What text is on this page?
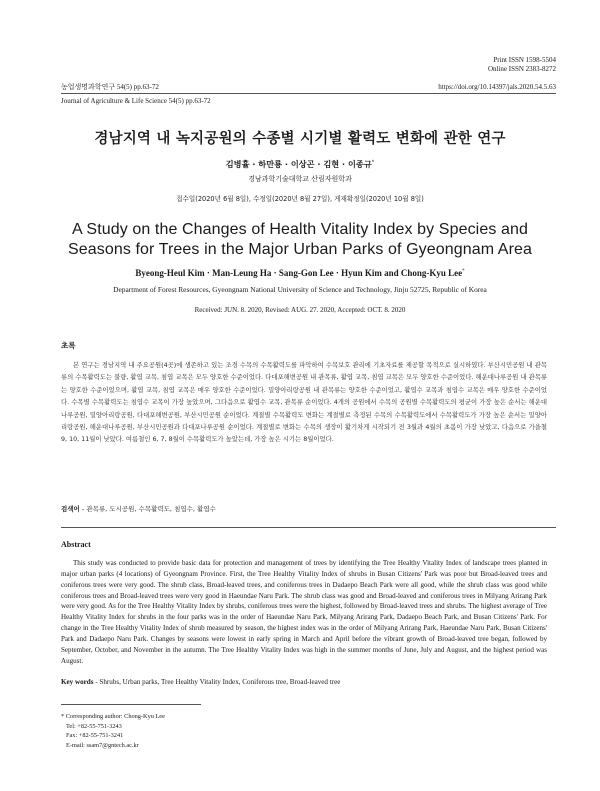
Print ISSN 1598-5504
Online ISSN 2383-8272
농업생명과학연구 54(5) pp.63-72	https://doi.org/10.14397/jals.2020.54.5.63
Journal of Agriculture & Life Science 54(5) pp.63-72
경남지역 내 녹지공원의 수종별 시기별 활력도 변화에 관한 연구
김병휼 · 하만룡 · 이상곤 · 김현 · 이종규*
경남과학기술대학교 산림자원학과
접수일(2020년 6월 8일), 수정일(2020년 8월 27일), 게재확정일(2020년 10월 8일)
A Study on the Changes of Health Vitality Index by Species and
Seasons for Trees in the Major Urban Parks of Gyeongnam Area
Byeong-Heul Kim · Man-Leung Ha · Sang-Gon Lee · Hyun Kim and Chong-Kyu Lee*
Department of Forest Resources, Gyeongnam National University of Science and Technology, Jinju 52725, Republic of Korea
Received: JUN. 8. 2020, Revised: AUG. 27. 2020, Accepted: OCT. 8. 2020
초록

본 연구는 경남지역 내 주요공원(4곳)에 생존하고 있는 조경 수목의 수목활력도를 파악하여 수목보호 관리에 기초자료를 제공할 목적으로 실시하였다. 부산시민공원 내 관목류의 수목활력도는 불량, 활엽 교목, 침엽 교목은 모두 양호한 수준이었다. 다대포해변공원 내 관목류, 활엽 교목, 침엽 교목은 모두 양호한 수준이었다. 해운대나루공원 내 관목류는 양호한 수준이었으며, 활엽 교목, 침엽 교목은 매우 양호한 수준이었다. 밀양아리랑공원 내 관목류는 양호한 수준이었고, 활엽수 교목과 침엽수 교목은 매우 양호한 수준이었다. 수목별 수목활력도는 침엽수 교목이 가장 높았으며, 그다음으로 활엽수 교목, 관목류 순이었다. 4개의 공원에서 수목의 공원별 수목활력도의 평균이 가장 높은 순서는 해운대나루공원, 밀양아리랑공원, 다대포해변공원, 부산시민공원 순이었다. 계절별 수목활력도 변화는 계절별로 측정된 수목의 수목활력도에서 수목활력도가 가장 높은 순서는 밀양아리랑공원, 해운대나루공원, 부산시민공원과 다대포나루공원 순이었다. 계절별로 변화는 수목의 생장이 활기차게 시작되기 전 3월과 4월의 초봄이 가장 낮았고, 다음으로 가을철 9, 10, 11월이 낮았다. 여름철인 6, 7, 8월이 수목활력도가 높았는데, 가장 높은 시기는 8월이었다.

검색어 - 관목류, 도시공원, 수목활력도, 침엽수, 활엽수
Abstract

This study was conducted to provide basic data for protection and management of trees by identifying the Tree Healthy Vitality Index of landscape trees planted in major urban parks (4 locations) of Gyeongnam Province. First, the Tree Healthy Vitality Index of shrubs in Busan Citizens' Park was poor but Broad-leaved trees and coniferous trees were very good. The shrub class, Broad-leaved trees, and coniferous trees in Dadaepo Beach Park were all good, while the shrub class was good while coniferous trees and Broad-leaved trees were very good in Haeundae Naru Park. The shrub class was good and Broad-leaved and coniferous trees in Milyang Arirang Park were very good. As for the Tree Healthy Vitality Index by shrubs, coniferous trees were the highest, followed by Broad-leaved trees and shrubs. The highest average of Tree Healthy Vitality Index for shrubs in the four parks was in the order of Haeundae Naru Park, Milyang Arirang Park, Dadaepo Beach Park, and Busan Citizens' Park. For change in the Tree Healthy Vitality Index of shrub measured by season, the highest index was in the order of Milyang Arirang Park, Haeundae Naru Park, Busan Citizens' Park and Dadaepo Naru Park. Changes by seasons were lowest in early spring in March and April before the vibrant growth of Broad-leaved tree began, followed by September, October, and November in the autumn. The Tree Healthy Vitality Index was high in the summer months of June, July and August, and the highest period was August.

Key words - Shrubs, Urban parks, Tree Healthy Vitality Index, Coniferous tree, Broad-leaved tree
* Corresponding author: Chong-Kyu Lee
Tel: +82-55-751-3243
Fax: +82-55-751-3241
E-mail: ssam7@gntech.ac.kr
